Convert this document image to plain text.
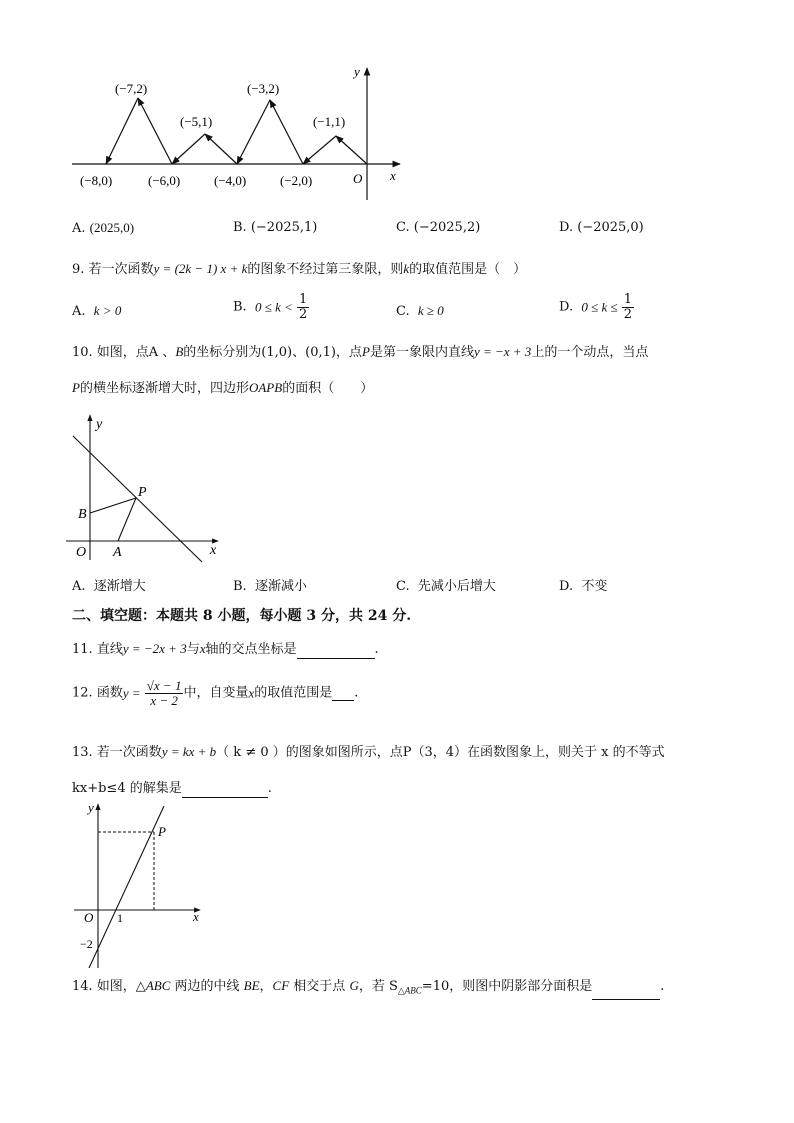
(−7,2)	(−3,2)
(−5,1)	(−1,1)
(−8,0)	(−6,0)	(−4,0)	(−2,0)	O x
y
A. (2025,0)	B. (−2025,1)	C. (−2025,2)	D. (−2025,0)
9. 若一次函数y = (2k − 1) x + k的图象不经过第三象限，则k的取值范围是（　）
A. k > 0	B. $0 \le k < \frac{1}{2}$	C. k ≥ 0	D. $0 \le k \le \frac{1}{2}$
10. 如图，点A 、B的坐标分别为(1,0)、(0,1)，点P是第一象限内直线y = −x + 3上的一个动点，当点
P的横坐标逐渐增大时，四边形OAPB的面积（　　）
y
x
O A
B
P
A. 逐渐增大	B. 逐渐减小	C. 先减小后增大	D. 不变
二、填空题：本题共 8 小题，每小题 3 分，共 24 分.
11. 直线y = −2x + 3与x轴的交点坐标是	.
12. 函数$y = \frac{√x - 1}{x - 2}$ 中，自变量x的取值范围是 .
13. 若一次函数y = kx + b（ k ≠ 0 ）的图象如图所示，点P（3，4）在函数图象上，则关于 x 的不等式
kx+b≤4 的解集是	.
y
x
O 1
−2
P
14. 如图，△ABC 两边的中线 BE，CF 相交于点 G，若 $S_{\triangle ABC}=10$，则图中阴影部分面积是	.
